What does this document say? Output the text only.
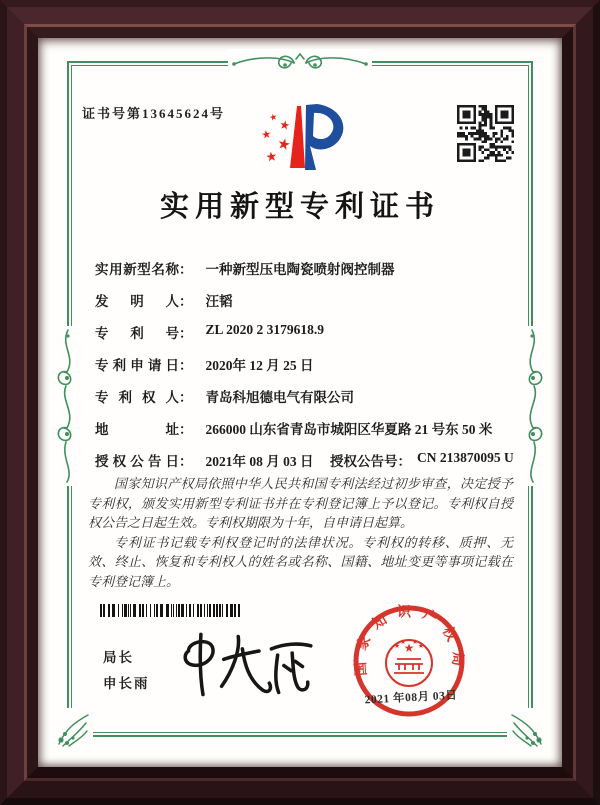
证书号第13645624号	★ ★
★ ★
★
实用新型专利证书
实用新型名称： 一种新型压电陶瓷喷射阀控制器
发明人： 汪韬
专利号： ZL 2020 2 3179618.9
专利申请日： 2020年 12 月 25 日
专利权人： 青岛科旭德电气有限公司
地址： 266000 山东省青岛市城阳区华夏路 21 号东 50 米
授权公告日： 2021年 08 月 03 日 授权公告号： CN 213870095 U

国家知识产权局依照中华人民共和国专利法经过初步审查，决定授予专利权，颁发实用新型专利证书并在专利登记簿上予以登记。专利权自授权公告之日起生效。专利权期限为十年，自申请日起算。

专利证书记载专利权登记时的法律状况。专利权的转移、质押、无效、终止、恢复和专利权人的姓名或名称、国籍、地址变更等事项记载在专利登记簿上。

局长
申长雨
国家知识产权局
★
★ ★ ★ ★
2021 年08月 03日
